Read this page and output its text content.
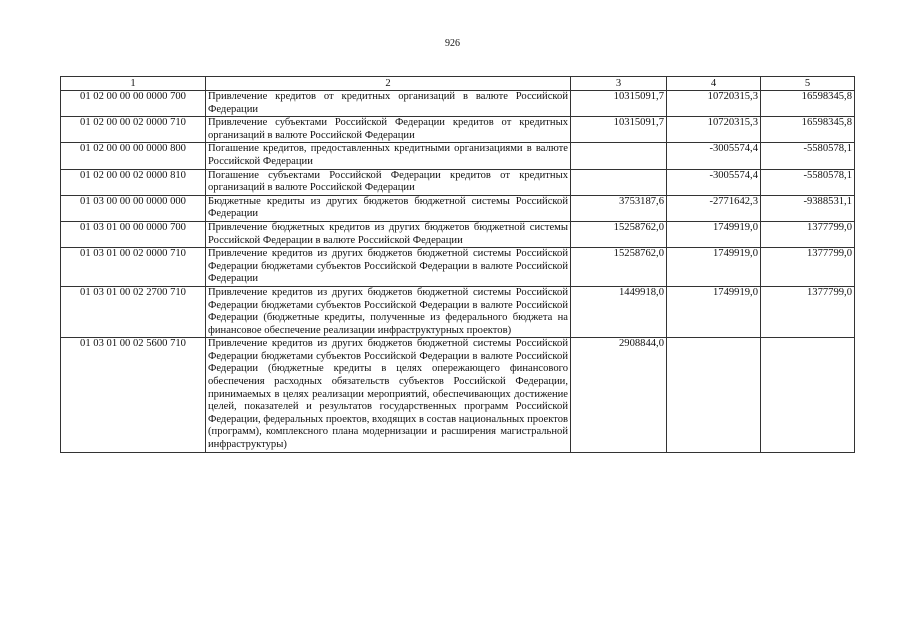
926
1	2	3	4	5
01 02 00 00 00 0000 700	Привлечение кредитов от кредитных организаций в валюте Российской Федерации	10315091,7	10720315,3	16598345,8
01 02 00 00 02 0000 710	Привлечение субъектами Российской Федерации кредитов от кредитных организаций в валюте Российской Федерации	10315091,7	10720315,3	16598345,8
01 02 00 00 00 0000 800	Погашение кредитов, предоставленных кредитными организациями в валюте Российской Федерации		-3005574,4	-5580578,1
01 02 00 00 02 0000 810	Погашение субъектами Российской Федерации кредитов от кредитных организаций в валюте Российской Федерации		-3005574,4	-5580578,1
01 03 00 00 00 0000 000	Бюджетные кредиты из других бюджетов бюджетной системы Российской Федерации	3753187,6	-2771642,3	-9388531,1
01 03 01 00 00 0000 700	Привлечение бюджетных кредитов из других бюджетов бюджетной системы Российской Федерации в валюте Российской Федерации	15258762,0	1749919,0	1377799,0
01 03 01 00 02 0000 710	Привлечение кредитов из других бюджетов бюджетной системы Российской Федерации бюджетами субъектов Российской Федерации в валюте Российской Федерации	15258762,0	1749919,0	1377799,0
01 03 01 00 02 2700 710	Привлечение кредитов из других бюджетов бюджетной системы Российской Федерации бюджетами субъектов Российской Федерации в валюте Российской Федерации (бюджетные кредиты, полученные из федерального бюджета на финансовое обеспечение реализации инфраструктурных проектов)	1449918,0	1749919,0	1377799,0
01 03 01 00 02 5600 710	Привлечение кредитов из других бюджетов бюджетной системы Российской Федерации бюджетами субъектов Российской Федерации в валюте Российской Федерации (бюджетные кредиты в целях опережающего финансового обеспечения расходных обязательств субъектов Российской Федерации, принимаемых в целях реализации мероприятий, обеспечивающих достижение целей, показателей и результатов государственных программ Российской Федерации, федеральных проектов, входящих в состав национальных проектов (программ), комплексного плана модернизации и расширения магистральной инфраструктуры)	2908844,0		
